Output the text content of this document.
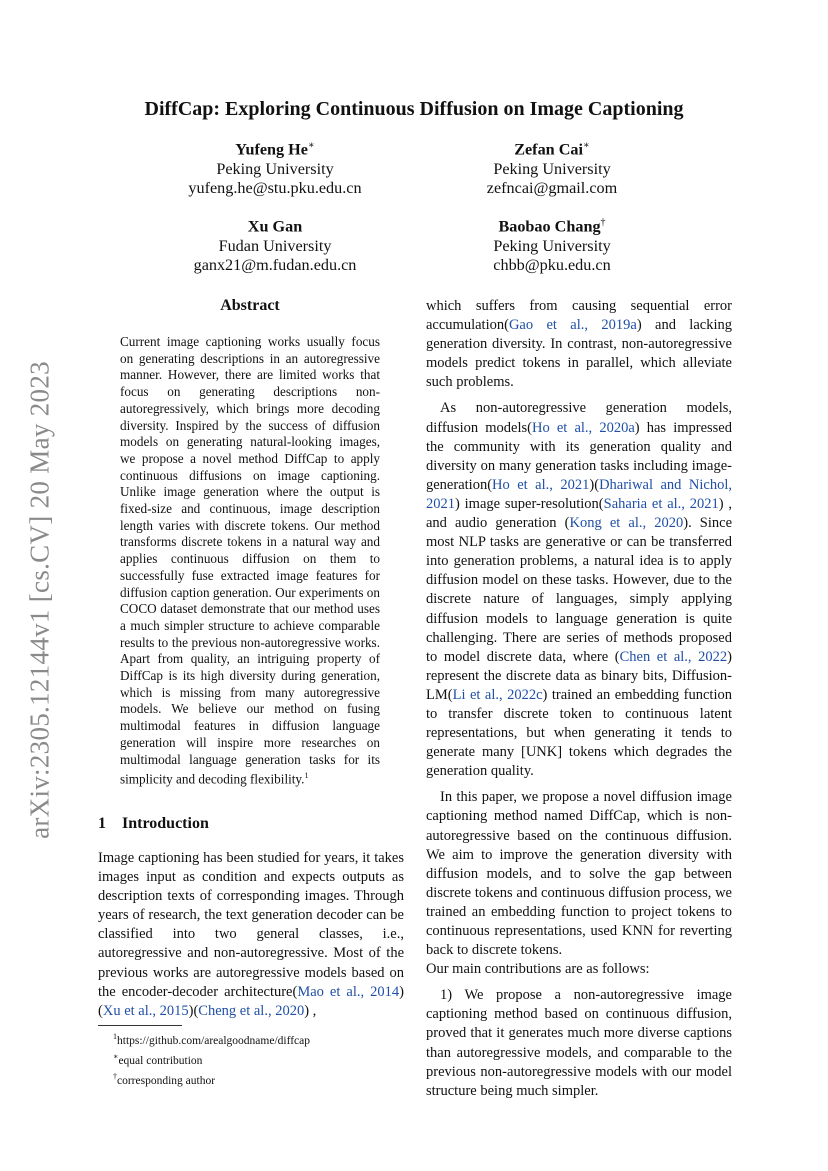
arXiv:2305.12144v1 [cs.CV] 20 May 2023
DiffCap: Exploring Continuous Diffusion on Image Captioning
Yufeng He∗
Peking University
yufeng.he@stu.pku.edu.cn
Zefan Cai∗
Peking University
zefncai@gmail.com
Xu Gan
Fudan University
ganx21@m.fudan.edu.cn
Baobao Chang†
Peking University
chbb@pku.edu.cn
Abstract
Current image captioning works usually focus on generating descriptions in an autoregressive manner. However, there are limited works that focus on generating descriptions non-autoregressively, which brings more decoding diversity. Inspired by the success of diffusion models on generating natural-looking images, we propose a novel method DiffCap to apply continuous diffusions on image captioning. Unlike image generation where the output is fixed-size and continuous, image description length varies with discrete tokens. Our method transforms discrete tokens in a natural way and applies continuous diffusion on them to successfully fuse extracted image features for diffusion caption generation. Our experiments on COCO dataset demonstrate that our method uses a much simpler structure to achieve comparable results to the previous non-autoregressive works. Apart from quality, an intriguing property of DiffCap is its high diversity during generation, which is missing from many autoregressive models. We believe our method on fusing multimodal features in diffusion language generation will inspire more researches on multimodal language generation tasks for its simplicity and decoding flexibility.$^1$
1 Introduction

Image captioning has been studied for years, it takes images input as condition and expects outputs as description texts of corresponding images. Through years of research, the text generation decoder can be classified into two general classes, i.e., autoregressive and non-autoregressive. Most of the previous works are autoregressive models based on the encoder-decoder architecture(Mao et al., 2014)(Xu et al., 2015)(Cheng et al., 2020) ,

$^1$https://github.com/arealgoodname/diffcap
∗equal contribution
†corresponding author

which suffers from causing sequential error accumulation(Gao et al., 2019a) and lacking generation diversity. In contrast, non-autoregressive models predict tokens in parallel, which alleviate such problems.

As non-autoregressive generation models, diffusion models(Ho et al., 2020a) has impressed the community with its generation quality and diversity on many generation tasks including image-generation(Ho et al., 2021)(Dhariwal and Nichol, 2021) image super-resolution(Saharia et al., 2021) , and audio generation (Kong et al., 2020). Since most NLP tasks are generative or can be transferred into generation problems, a natural idea is to apply diffusion model on these tasks. However, due to the discrete nature of languages, simply applying diffusion models to language generation is quite challenging. There are series of methods proposed to model discrete data, where (Chen et al., 2022) represent the discrete data as binary bits, Diffusion-LM(Li et al., 2022c) trained an embedding function to transfer discrete token to continuous latent representations, but when generating it tends to generate many [UNK] tokens which degrades the generation quality.

In this paper, we propose a novel diffusion image captioning method named DiffCap, which is non-autoregressive based on the continuous diffusion. We aim to improve the generation diversity with diffusion models, and to solve the gap between discrete tokens and continuous diffusion process, we trained an embedding function to project tokens to continuous representations, used KNN for reverting back to discrete tokens.

Our main contributions are as follows:

1) We propose a non-autoregressive image captioning method based on continuous diffusion, proved that it generates much more diverse captions than autoregressive models, and comparable to the previous non-autoregressive models with our model structure being much simpler.
